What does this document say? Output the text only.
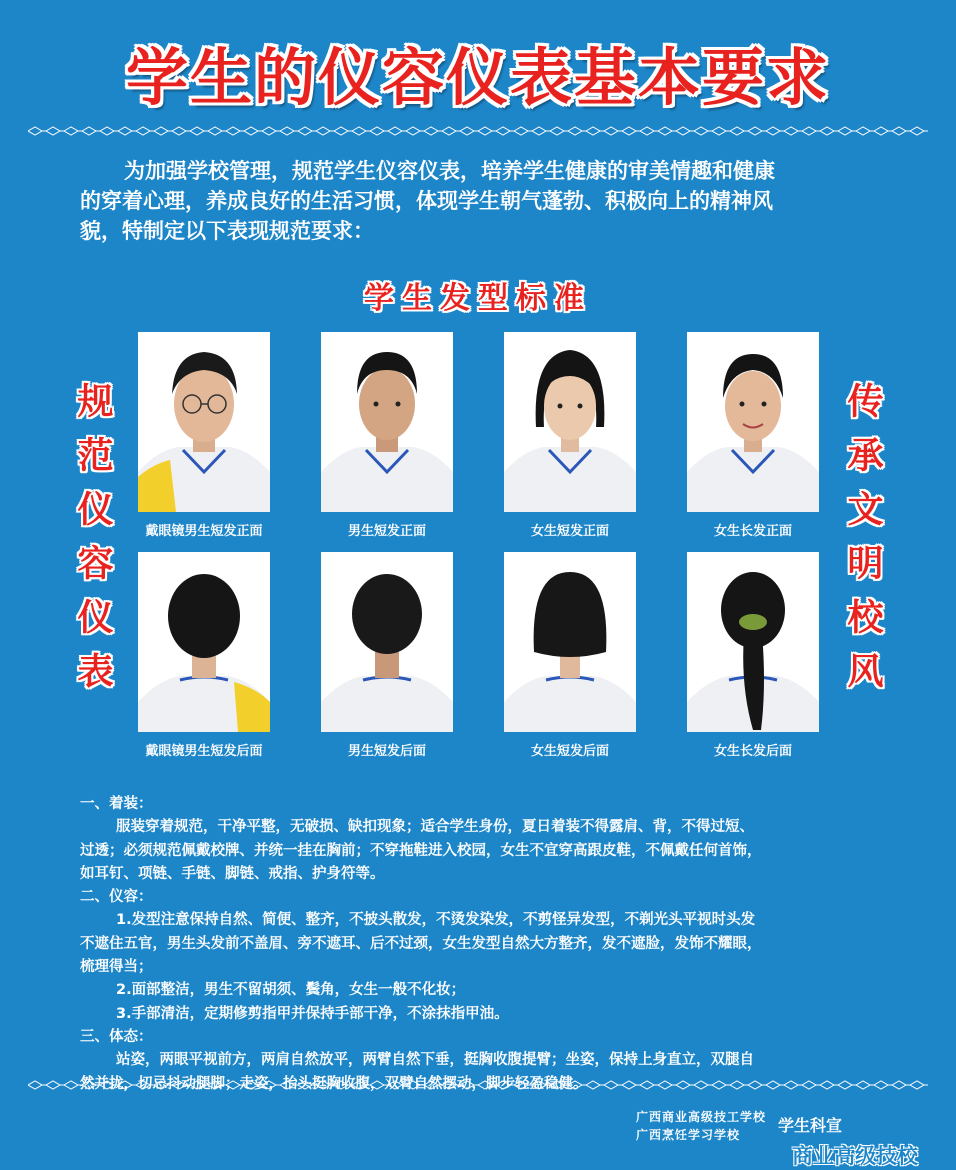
学生的仪容仪表基本要求
为加强学校管理，规范学生仪容仪表，培养学生健康的审美情趣和健康
的穿着心理，养成良好的生活习惯，体现学生朝气蓬勃、积极向上的精神风
貌，特制定以下表现规范要求：
学生发型标准
规范仪容仪表	传承文明校风
戴眼镜男生短发正面	男生短发正面	女生短发正面	女生长发正面
戴眼镜男生短发后面	男生短发后面	女生短发后面	女生长发后面
一、着装：
服装穿着规范，干净平整，无破损、缺扣现象；适合学生身份，夏日着装不得露肩、背，不得过短、
过透；必须规范佩戴校牌、并统一挂在胸前；不穿拖鞋进入校园，女生不宜穿高跟皮鞋，不佩戴任何首饰，
如耳钉、项链、手链、脚链、戒指、护身符等。
二、仪容：
1.发型注意保持自然、简便、整齐，不披头散发，不烫发染发，不剪怪异发型，不剃光头平视时头发
不遮住五官，男生头发前不盖眉、旁不遮耳、后不过颈，女生发型自然大方整齐，发不遮脸，发饰不耀眼，
梳理得当；
2.面部整洁，男生不留胡须、鬓角，女生一般不化妆；
3.手部清洁，定期修剪指甲并保持手部干净，不涂抹指甲油。
三、体态：
站姿，两眼平视前方，两肩自然放平，两臂自然下垂，挺胸收腹提臂；坐姿，保持上身直立，双腿自
然并拢，切忌抖动腿脚；走姿，抬头挺胸收腹，双臂自然摆动，脚步轻盈稳健。
广西商业高级技工学校
广西烹饪学习学校 学生科宣
商业高级技校
